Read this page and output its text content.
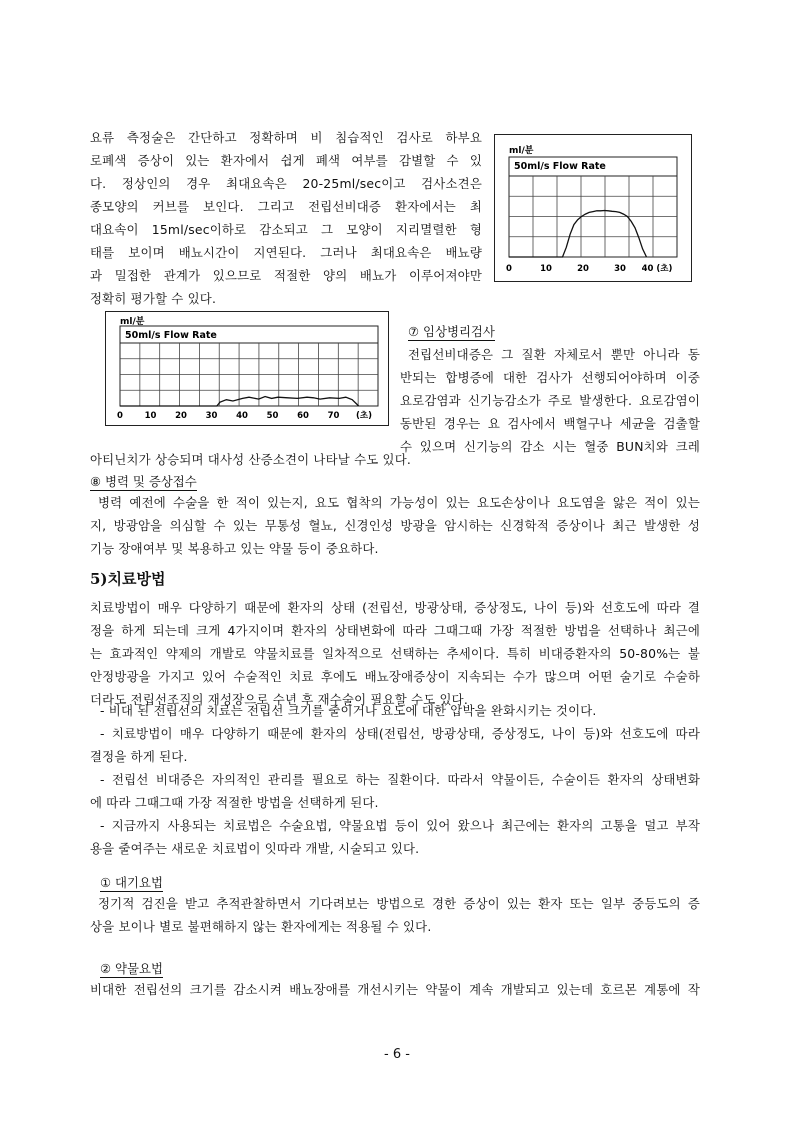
요류 측정술은 간단하고 정확하며 비 침습적인 검사로 하부요
로폐색 증상이 있는 환자에서 쉽게 폐색 여부를 감별할 수 있
다. 정상인의 경우 최대요속은 20-25ml/sec이고 검사소견은
종모양의 커브를 보인다. 그리고 전립선비대증 환자에서는 최
대요속이 15ml/sec이하로 감소되고 그 모양이 지리멸렬한 형
태를 보이며 배뇨시간이 지연된다. 그러나 최대요속은 배뇨량
과 밀접한 관계가 있으므로 적절한 양의 배뇨가 이루어져야만
정확히 평가할 수 있다.
ml/분
50ml/s Flow Rate
0	10	20	30 40 (초)
ml/분
50ml/s Flow Rate
0	10 20 30 40 50 60 70 (초)
⑦ 임상병리검사
전립선비대증은 그 질환 자체로서 뿐만 아니라 동
반되는 합병증에 대한 검사가 선행되어야하며 이중
요로감염과 신기능감소가 주로 발생한다. 요로감염이
동반된 경우는 요 검사에서 백혈구나 세균을 검출할
수 있으며 신기능의 감소 시는 혈중 BUN치와 크레
아티닌치가 상승되며 대사성 산증소견이 나타날 수도 있다.
⑧ 병력 및 증상접수
병력 예전에 수술을 한 적이 있는지, 요도 협착의 가능성이 있는 요도손상이나 요도염을 앓은 적이 있는
지, 방광암을 의심할 수 있는 무통성 혈뇨, 신경인성 방광을 암시하는 신경학적 증상이나 최근 발생한 성
기능 장애여부 및 복용하고 있는 약물 등이 중요하다.
5)치료방법
치료방법이 매우 다양하기 때문에 환자의 상태 (전립선, 방광상태, 증상정도, 나이 등)와 선호도에 따라 결
정을 하게 되는데 크게 4가지이며 환자의 상태변화에 따라 그때그때 가장 적절한 방법을 선택하나 최근에
는 효과적인 약제의 개발로 약물치료를 일차적으로 선택하는 추세이다. 특히 비대증환자의 50-80%는 불
안정방광을 가지고 있어 수술적인 치료 후에도 배뇨장애증상이 지속되는 수가 많으며 어떤 술기로 수술하
더라도 전립선조직의 재성장으로 수년 후 재수술이 필요할 수도 있다.
- 비대 된 전립선의 치료는 전립선 크기를 줄이거나 요도에 대한 압박을 완화시키는 것이다.
- 치료방법이 매우 다양하기 때문에 환자의 상태(전립선, 방광상태, 증상정도, 나이 등)와 선호도에 따라
결정을 하게 된다.
- 전립선 비대증은 자의적인 관리를 필요로 하는 질환이다. 따라서 약물이든, 수술이든 환자의 상태변화
에 따라 그때그때 가장 적절한 방법을 선택하게 된다.
- 지금까지 사용되는 치료법은 수술요법, 약물요법 등이 있어 왔으나 최근에는 환자의 고통을 덜고 부작
용을 줄여주는 새로운 치료법이 잇따라 개발, 시술되고 있다.
① 대기요법
정기적 검진을 받고 추적관찰하면서 기다려보는 방법으로 경한 증상이 있는 환자 또는 일부 중등도의 증
상을 보이나 별로 불편해하지 않는 환자에게는 적용될 수 있다.
② 약물요법
비대한 전립선의 크기를 감소시켜 배뇨장애를 개선시키는 약물이 계속 개발되고 있는데 호르몬 계통에 작
- 6 -
